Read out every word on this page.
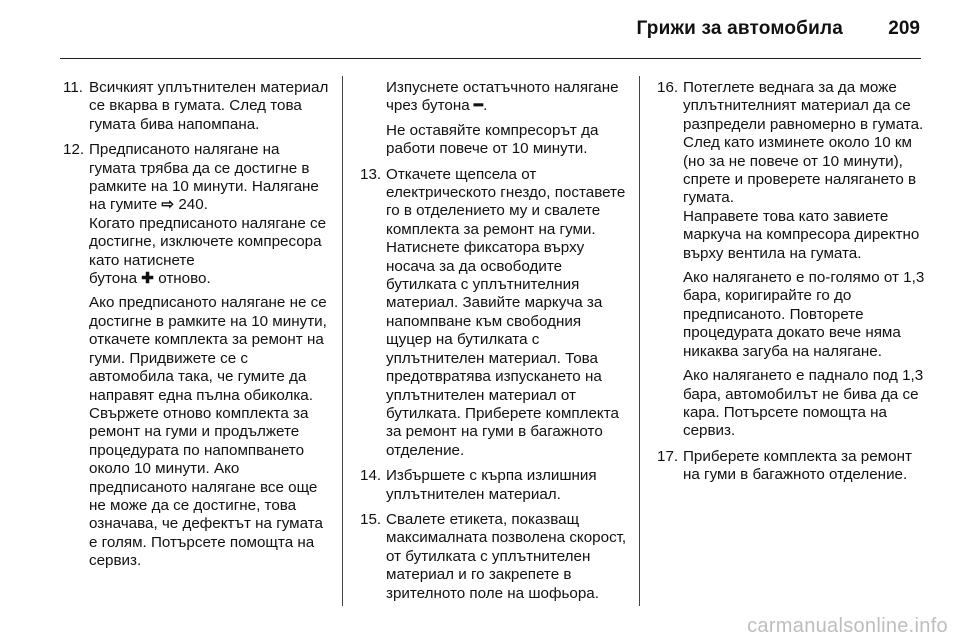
Грижи за автомобила 209
11. Всичкият уплътнителен материал се вкарва в гумата. След това гумата бива напомпана.
12. Предписаното налягане на гумата трябва да се достигне в рамките на 10 минути. Налягане на гумите ⇨ 240.
Когато предписаното налягане се достигне, изключете компресора като натиснете
бутона ✚ отново.
Ако предписаното налягане не се достигне в рамките на 10 минути, откачете комплекта за ремонт на гуми. Придвижете се с автомобила така, че гумите да направят една пълна обиколка. Свържете отново комплекта за ремонт на гуми и продължете процедурата по напомпването около 10 минути. Ако предписаното налягане все още не може да се достигне, това означава, че дефектът на гумата е голям. Потърсете помощта на сервиз.
Изпуснете остатъчното налягане чрез бутона ━.
Не оставяйте компресорът да работи повече от 10 минути.
13. Откачете щепсела от електрическото гнездо, поставете го в отделението му и свалете комплекта за ремонт на гуми. Натиснете фиксатора върху носача за да освободите бутилката с уплътнителния материал. Завийте маркуча за напомпване към свободния щуцер на бутилката с уплътнителен материал. Това предотвратява изпускането на уплътнителен материал от бутилката. Приберете комплекта за ремонт на гуми в багажното отделение.
14. Избършете с кърпа излишния уплътнителен материал.
15. Свалете етикета, показващ максималната позволена скорост, от бутилката с уплътнителен материал и го закрепете в зрителното поле на шофьора.
16. Потеглете веднага за да може уплътнителният материал да се разпредели равномерно в гумата. След като изминете около 10 км (но за не повече от 10 минути), спрете и проверете налягането в гумата.
Направете това като завиете маркуча на компресора директно върху вентила на гумата.
Ако налягането е по-голямо от 1,3 бара, коригирайте го до предписаното. Повторете процедурата докато вече няма никаква загуба на налягане.
Ако налягането е паднало под 1,3 бара, автомобилът не бива да се кара. Потърсете помощта на сервиз.
17. Приберете комплекта за ремонт на гуми в багажното отделение.
carmanualsonline.info
